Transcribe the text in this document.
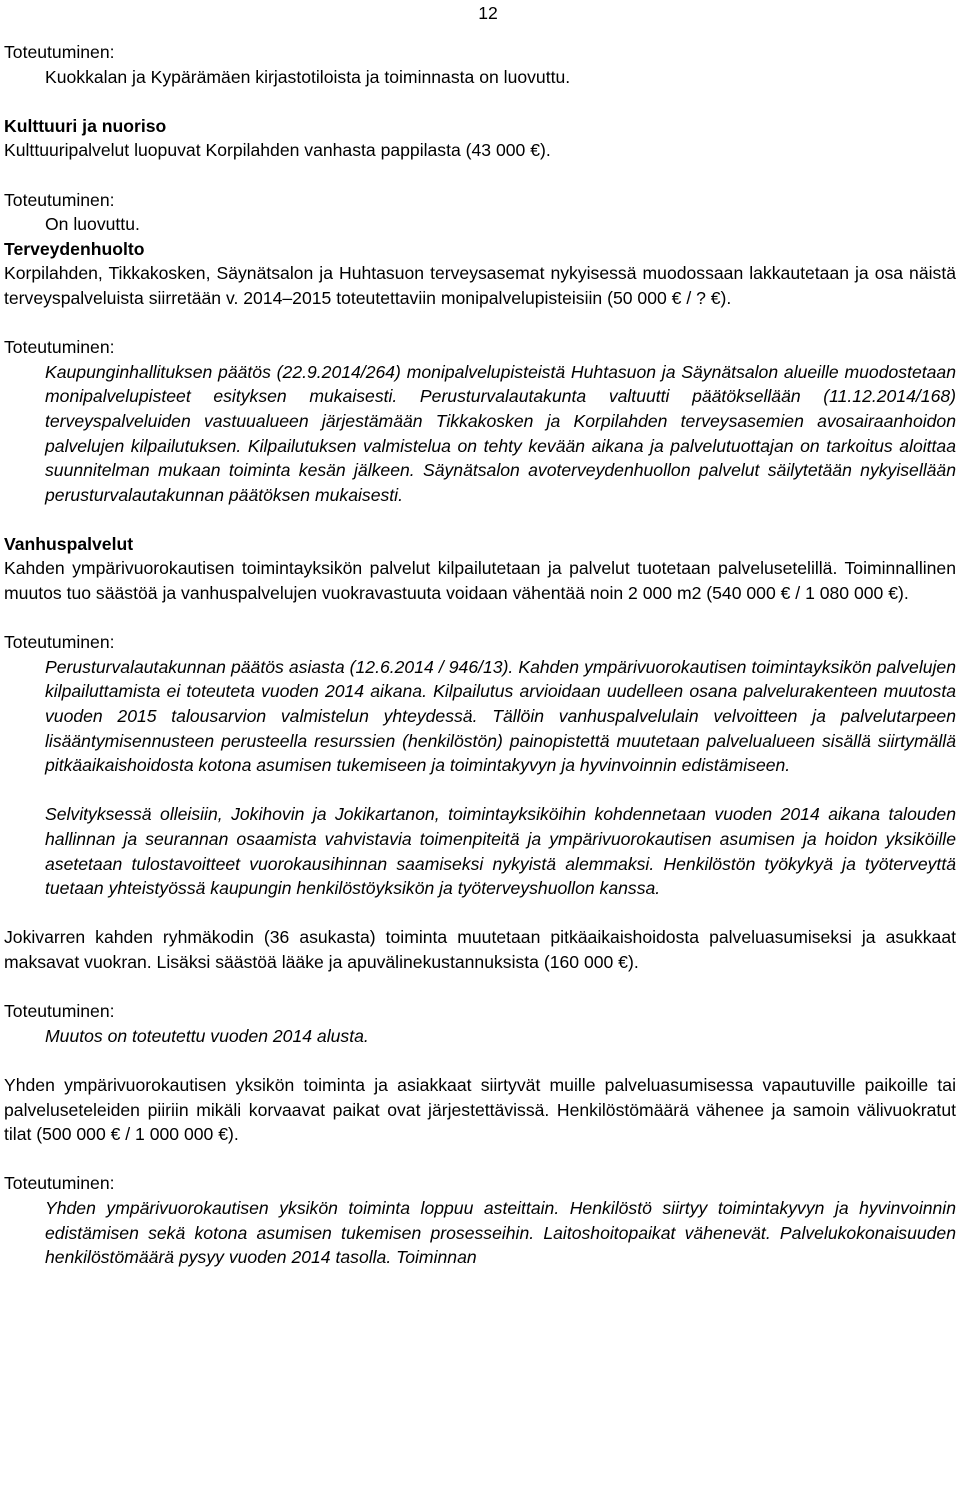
12

Toteutuminen:

Kuokkalan ja Kypärämäen kirjastotiloista ja toiminnasta on luovuttu.

Kulttuuri ja nuoriso

Kulttuuripalvelut luopuvat Korpilahden vanhasta pappilasta (43 000 €).

Toteutuminen:

On luovuttu.

Terveydenhuolto

Korpilahden, Tikkakosken, Säynätsalon ja Huhtasuon terveysasemat nykyisessä muodossaan lakkautetaan ja osa näistä terveyspalveluista siirretään v. 2014–2015 toteutettaviin monipalvelupisteisiin (50 000 € / ? €).

Toteutuminen:

Kaupunginhallituksen päätös (22.9.2014/264) monipalvelupisteistä Huhtasuon ja Säynätsalon alueille muodostetaan monipalvelupisteet esityksen mukaisesti. Perusturvalautakunta valtuutti päätöksellään (11.12.2014/168) terveyspalveluiden vastuualueen järjestämään Tikkakosken ja Korpilahden terveysasemien avosairaanhoidon palvelujen kilpailutuksen. Kilpailutuksen valmistelua on tehty kevään aikana ja palvelutuottajan on tarkoitus aloittaa suunnitelman mukaan toiminta kesän jälkeen. Säynätsalon avoterveydenhuollon palvelut säilytetään nykyisellään perusturvalautakunnan päätöksen mukaisesti.

Vanhuspalvelut

Kahden ympärivuorokautisen toimintayksikön palvelut kilpailutetaan ja palvelut tuotetaan palvelusetelillä. Toiminnallinen muutos tuo säästöä ja vanhuspalvelujen vuokravastuuta voidaan vähentää noin 2 000 m2 (540 000 € / 1 080 000 €).

Toteutuminen:

Perusturvalautakunnan päätös asiasta (12.6.2014 / 946/13). Kahden ympärivuorokautisen toimintayksikön palvelujen kilpailuttamista ei toteuteta vuoden 2014 aikana. Kilpailutus arvioidaan uudelleen osana palvelurakenteen muutosta vuoden 2015 talousarvion valmistelun yhteydessä. Tällöin vanhuspalvelulain velvoitteen ja palvelutarpeen lisääntymisennusteen perusteella resurssien (henkilöstön) painopistettä muutetaan palvelualueen sisällä siirtymällä pitkäaikaishoidosta kotona asumisen tukemiseen ja toimintakyvyn ja hyvinvoinnin edistämiseen.

Selvityksessä olleisiin, Jokihovin ja Jokikartanon, toimintayksiköihin kohdennetaan vuoden 2014 aikana talouden hallinnan ja seurannan osaamista vahvistavia toimenpiteitä ja ympärivuorokautisen asumisen ja hoidon yksiköille asetetaan tulostavoitteet vuorokausihinnan saamiseksi nykyistä alemmaksi. Henkilöstön työkykyä ja työterveyttä tuetaan yhteistyössä kaupungin henkilöstöyksikön ja työterveyshuollon kanssa.

Jokivarren kahden ryhmäkodin (36 asukasta) toiminta muutetaan pitkäaikaishoidosta palveluasumiseksi ja asukkaat maksavat vuokran. Lisäksi säästöä lääke ja apuvälinekustannuksista (160 000 €).

Toteutuminen:

Muutos on toteutettu vuoden 2014 alusta.

Yhden ympärivuorokautisen yksikön toiminta ja asiakkaat siirtyvät muille palveluasumisessa vapautuville paikoille tai palveluseteleiden piiriin mikäli korvaavat paikat ovat järjestettävissä. Henkilöstömäärä vähenee ja samoin välivuokratut tilat (500 000 € / 1 000 000 €).

Toteutuminen:

Yhden ympärivuorokautisen yksikön toiminta loppuu asteittain. Henkilöstö siirtyy toimintakyvyn ja hyvinvoinnin edistämisen sekä kotona asumisen tukemisen prosesseihin. Laitoshoitopaikat vähenevät. Palvelukokonaisuuden henkilöstömäärä pysyy vuoden 2014 tasolla. Toiminnan
